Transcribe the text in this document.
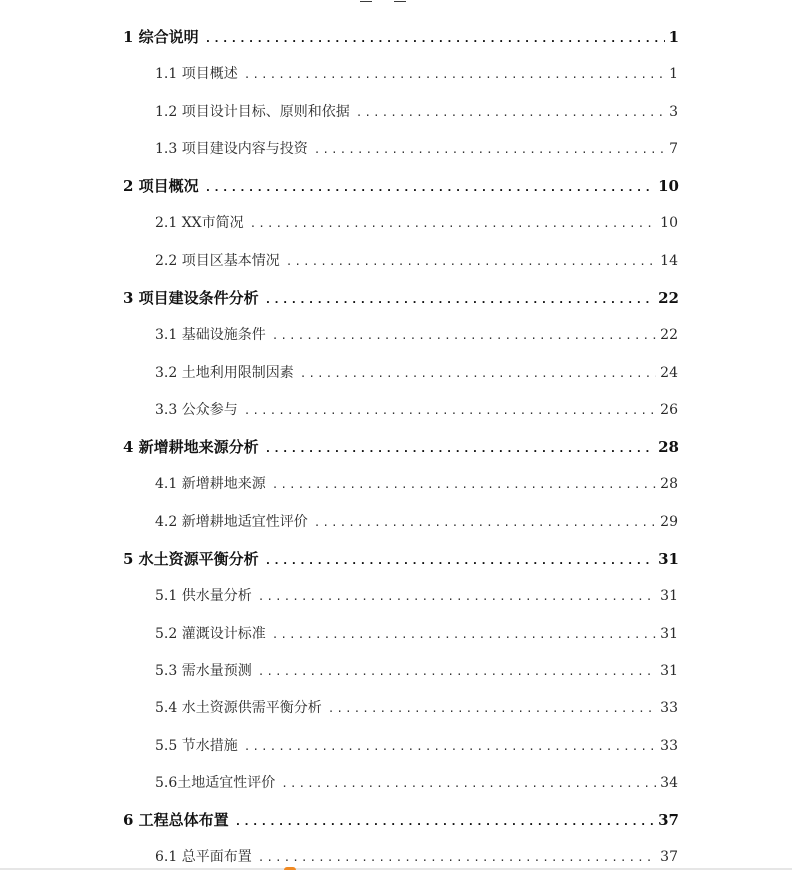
1 综合说明 .....	1
1.1 项目概述 .....	1
1.2 项目设计目标、原则和依据 .....	3
1.3 项目建设内容与投资 .....	7
2 项目概况 .....	10
2.1 XX市简况 .....	10
2.2 项目区基本情况 .....	14
3 项目建设条件分析 .....	22
3.1 基础设施条件 .....	22
3.2 土地利用限制因素 .....	24
3.3 公众参与 .....	26
4 新增耕地来源分析 .....	28
4.1 新增耕地来源 .....	28
4.2 新增耕地适宜性评价 .....	29
5 水土资源平衡分析 .....	31
5.1 供水量分析 .....	31
5.2 灌溉设计标准 .....	31
5.3 需水量预测 .....	31
5.4 水土资源供需平衡分析 .....	33
5.5 节水措施 .....	33
5.6土地适宜性评价 .....	34
6 工程总体布置 .....	37
6.1 总平面布置 .....	37
